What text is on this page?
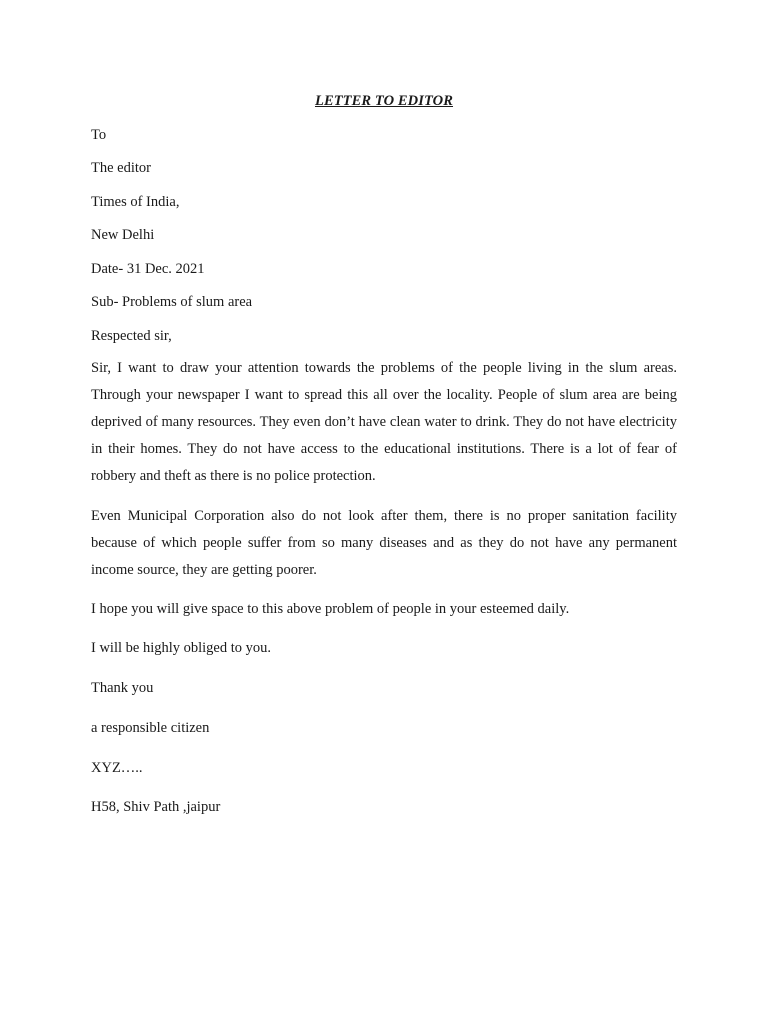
LETTER TO EDITOR
To
The editor
Times of India,
New Delhi
Date- 31 Dec. 2021
Sub- Problems of slum area
Respected sir,
Sir, I want to draw your attention towards the problems of the people living in the slum areas. Through your newspaper I want to spread this all over the locality. People of slum area are being deprived of many resources. They even don’t have clean water to drink. They do not have electricity in their homes. They do not have access to the educational institutions. There is a lot of fear of robbery and theft as there is no police protection.
Even Municipal Corporation also do not look after them, there is no proper sanitation facility because of which people suffer from so many diseases and as they do not have any permanent income source, they are getting poorer.
I hope you will give space to this above problem of people in your esteemed daily.
I will be highly obliged to you.
Thank you
a responsible citizen
XYZ…..
H58, Shiv Path ,jaipur
